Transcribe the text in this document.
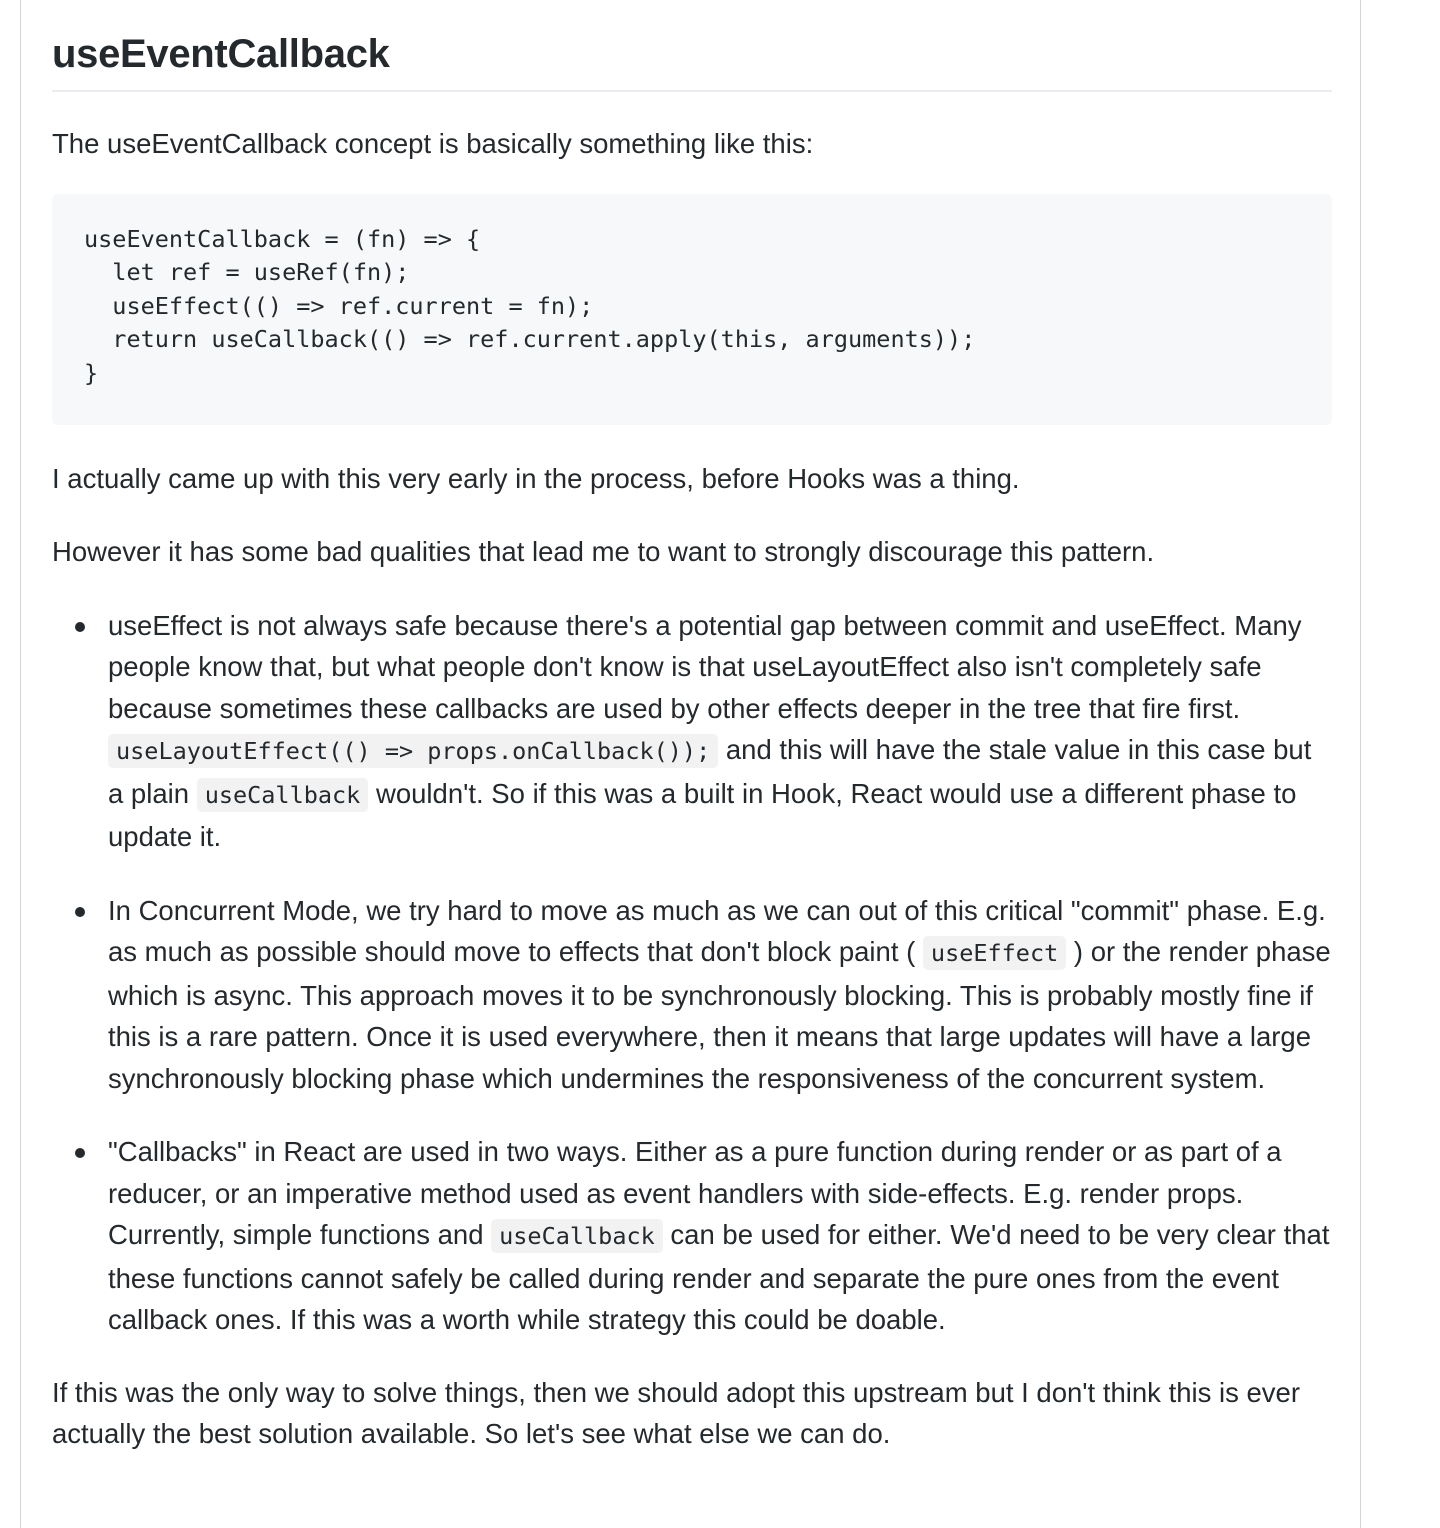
useEventCallback

The useEventCallback concept is basically something like this:

useEventCallback = (fn) => {
let ref = useRef(fn);
useEffect(() => ref.current = fn);
return useCallback(() => ref.current.apply(this, arguments));
}

I actually came up with this very early in the process, before Hooks was a thing.

However it has some bad qualities that lead me to want to strongly discourage this pattern.

useEffect is not always safe because there's a potential gap between commit and useEffect. Many people know that, but what people don't know is that useLayoutEffect also isn't completely safe because sometimes these callbacks are used by other effects deeper in the tree that fire first. useLayoutEffect(() => props.onCallback()); and this will have the stale value in this case but a plain useCallback wouldn't. So if this was a built in Hook, React would use a different phase to update it.
In Concurrent Mode, we try hard to move as much as we can out of this critical "commit" phase. E.g. as much as possible should move to effects that don't block paint ( useEffect ) or the render phase which is async. This approach moves it to be synchronously blocking. This is probably mostly fine if this is a rare pattern. Once it is used everywhere, then it means that large updates will have a large synchronously blocking phase which undermines the responsiveness of the concurrent system.
"Callbacks" in React are used in two ways. Either as a pure function during render or as part of a reducer, or an imperative method used as event handlers with side-effects. E.g. render props. Currently, simple functions and useCallback can be used for either. We'd need to be very clear that these functions cannot safely be called during render and separate the pure ones from the event callback ones. If this was a worth while strategy this could be doable.

If this was the only way to solve things, then we should adopt this upstream but I don't think this is ever actually the best solution available. So let's see what else we can do.
